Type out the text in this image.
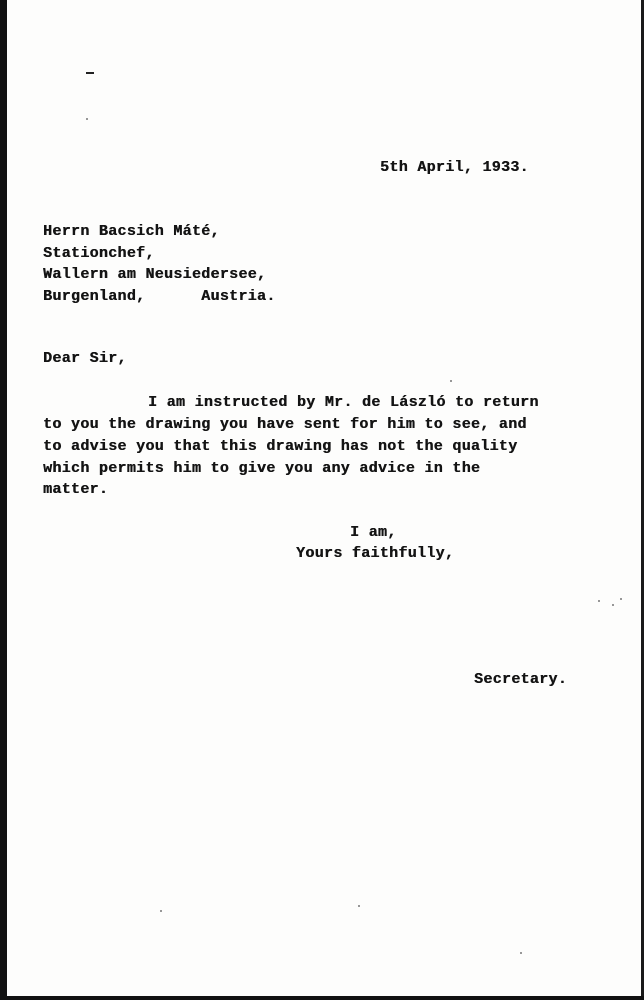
5th April, 1933.
Herrn Bacsich Máté,
Stationchef,
Wallern am Neusiedersee,
Burgenland,      Austria.
Dear Sir,
I am instructed by Mr. de László to return
to you the drawing you have sent for him to see, and
to advise you that this drawing has not the quality
which permits him to give you any advice in the
matter.
I am,
Yours faithfully,
Secretary.
